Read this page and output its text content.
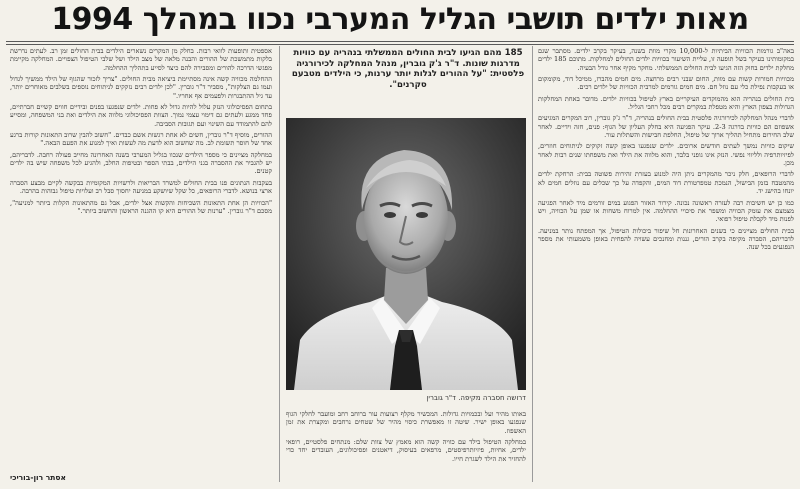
מאות ילדים תושבי הגליל המערבי נכוו במהלך 1994

באה"ב גורמות הכוויות הביתיות ל-10,000 מקרי מוות בשנה, בעיקר בקרב ילדים. מסתבר שגם במקומותינו בעיקר בשל תופעה זו, עליית השיעור בכוויות ילדים החולים למחלקות. מתוכם 185 ילדים מחלקת ילדים בחוק הזה הגיעו לבית החולים הממשלתי. מחקר מקיף אחר גודל הבעיה.

מכוויות חמורות קשות עם מוות, החום שבני רבים מרחצה. מים חמים מהברז, ממיכל דוד, מקומקום או בעקבות נפילת כלי עם נוזל חם. מים חמים גורמים למרבית הכוויות של ילדים רכים.

בית החולים בנהריה הוא מהמוקדים העיקריים בארץ לטיפול בכוויות ילדים. מדובר באחת המחלקות הגדולות בצפון הארץ והיא מטפלת במקרים רבים מכל רחבי הגליל.

לדברי מנהל המחלקה לכירורגיה פלסטית בבית החולים בנהריה, ד"ר ג'ק גוברין, רוב המקרים המגיעים אשפוזם הם כוויות בדרגה 2-3. עיקר הפגיעה היא בחלק העליון של הגוף: פנים, חזה וידיים. לאחר שלב החירום מתחיל תהליך ארוך של טיפול, החלפת חבישות והשתלות עור.

שיקום כוויות נמשך לעתים חודשים ארוכים. ילדים שנפגעו באופן קשה זקוקים לניתוחים חוזרים, לפיזיותרפיה ולליווי נפשי. הנזק אינו גופני בלבד, והוא מלווה את הילד ואת משפחתו שנים רבות לאחר מכן.

לדברי הרופאים, חלק ניכר מהמקרים ניתן היה למנוע בעזרת זהירות פשוטה בבית: הרחקת ילדים מהמטבח בזמן הבישול, הנמכת טמפרטורת דוד המים, והקפדה על כך שכלים עם נוזלים חמים לא יונחו בהישג יד.

כמו כן יש חשיבות רבה לעזרה ראשונה נכונה. קירור האזור הפגוע במים זורמים מיד לאחר הפגיעה מצמצם את עומק הכוויה ומשפר את סיכויי ההחלמה. אין למרוח משחות או שמן על הכוויה, ויש לפנות מיד לקבלת טיפול רפואי.

בבית החולים מציינים כי בשנים האחרונות חל שיפור ביכולות הטיפול, אך המפתח נותר במניעה. לדבריהם, הסברה מקיפה בקרב הורים, גננות ומחנכים עשויה להפחית באופן משמעותי את מספר הנפגעים בכל שנה.

185 מהם הגיעו לבית החולים הממשלתי בנהריה עם כוויות מדרגות שונות. ד"ר ג'ק גוברין, מנהל המחלקה לכירורגיה פלסטית: "על ההורים לגלות יותר ערנות, כי הילדים מטבעם סקרנים".
דרושה חסברה מקיפה. ד"ר גוברין

באותו מהיר ועל ובכמויות גדולות. המכשיר מקלף רצועות עור ברוחב רחב ומועבר לחלקי הגוף שנפגעו באופן ישיר. שיטה זו מאפשרת כיסוי מהיר של שטחים נרחבים ומקצרת את זמן האשפוז.

במחלקה הטיפול בילד עם כוויה קשה הוא מאמץ של צוות שלם: מנתחים פלסטיים, רופאי ילדים, אחיות, פיזיותרפיסטים, מרפאים בעיסוק, דיאטנים ופסיכולוגים, העובדים יחד כדי להחזיר את הילד לשגרת חייו.

אספטית ותופעות לוואי רבות. בחלק מן המקרים נשארים הילדים בבית החולים זמן רב. לעתים נדרשת בלקות מתמשכת של ההורים והבנה מלאה של מצב הילד ושל שלבי הטיפול הצפויים. המחלקה מקיימת מפגשי הדרכה להורים ומסבירה להם כיצד לסייע בתהליך ההחלמה.

ההחלמה מכוויה קשה אינה מסתיימת ביציאה מבית החולים. "צריך לזכור שהגוף של הילד ממשיך לגדול ועמו גם הצלקות", מסביר ד"ר גוברין. "לכן ילדים רבים נזקקים לניתוחים נוספים בשלבים מאוחרים יותר, עד גיל ההתבגרות ולפעמים אף אחריו."

בתחום הפסיכולוגי הנזק עלול להיות גדול לא פחות. ילדים שנפגעו בפנים ובידיים חווים קשיים חברתיים, פחד ממגע ולעתים גם דימוי עצמי נמוך. הצוות הפסיכולוגי מלווה את הילדים ואת בני המשפחה, ומסייע להם להתמודד עם השינוי ועם תגובות הסביבה.

ההורים, מוסיף ד"ר גוברין, חשים לא אחת רגשות אשם כבדים. "חשוב להבין שרוב התאונות קורות ברגע אחד של חוסר תשומת לב. מה שחשוב הוא לדעת מה לעשות ואיך למנוע את הפעם הבאה."

במחלקה מציינים כי מספר הילדים שנכוו בגליל המערבי בשנה האחרונה מחייב פעולה רחבה. לדבריהם, יש להגביר את ההסברה בגני הילדים, בבתי הספר ובטיפות החלב, ולהגיע לכל משפחה שיש בה ילדים קטנים.

בעקבות הנתונים פנו בבית החולים למשרד הבריאות ולרשויות המקומיות בבקשה לקיים מבצע הסברה ארצי בנושא. לדברי הרופאים, כל שקל שיושקע במניעה יחסוך סבל רב ועלויות טיפול גבוהות בהרבה.

"הכוויות הן אחת התאונות השכיחות והקשות אצל ילדים, אבל גם מהתאונות הקלות ביותר למניעה", מסכם ד"ר גוברין. "ערנות של ההורים היא קו ההגנה הראשון והחשוב ביותר."

אסתר רון-בוריכי
